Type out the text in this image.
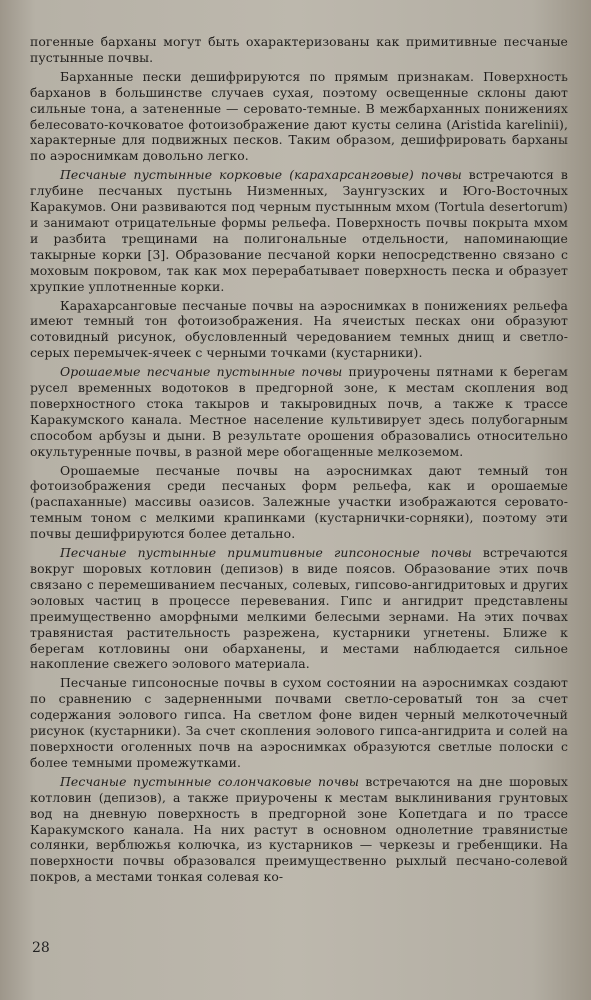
погенные барханы могут быть охарактеризованы как примитивные песчаные пустынные почвы.

Барханные пески дешифрируются по прямым признакам. Поверхность барханов в большинстве случаев сухая, поэтому освещенные склоны дают сильные тона, а затененные — серовато-темные. В межбарханных понижениях белесовато-кочковатое фотоизображение дают кусты селина (Aristida karelinii), характерные для подвижных песков. Таким образом, дешифрировать барханы по аэроснимкам довольно легко.

Песчаные пустынные корковые (карахарсанговые) почвы встречаются в глубине песчаных пустынь Низменных, Заунгузских и Юго-Восточных Каракумов. Они развиваются под черным пустынным мхом (Tortula desertorum) и занимают отрицательные формы рельефа. Поверхность почвы покрыта мхом и разбита трещинами на полигональные отдельности, напоминающие такырные корки [3]. Образование песчаной корки непосредственно связано с моховым покровом, так как мох перерабатывает поверхность песка и образует хрупкие уплотненные корки.

Карахарсанговые песчаные почвы на аэроснимках в понижениях рельефа имеют темный тон фотоизображения. На ячеистых песках они образуют сотовидный рисунок, обусловленный чередованием темных днищ и светло-серых перемычек-ячеек с черными точками (кустарники).

Орошаемые песчаные пустынные почвы приурочены пятнами к берегам русел временных водотоков в предгорной зоне, к местам скопления вод поверхностного стока такыров и такыровидных почв, а также к трассе Каракумского канала. Местное население культивирует здесь полубогарным способом арбузы и дыни. В результате орошения образовались относительно окультуренные почвы, в разной мере обогащенные мелкоземом.

Орошаемые песчаные почвы на аэроснимках дают темный тон фотоизображения среди песчаных форм рельефа, как и орошаемые (распаханные) массивы оазисов. Залежные участки изображаются серовато-темным тоном с мелкими крапинками (кустарнички-сорняки), поэтому эти почвы дешифрируются более детально.

Песчаные пустынные примитивные гипсоносные почвы встречаются вокруг шоровых котловин (депизов) в виде поясов. Образование этих почв связано с перемешиванием песчаных, солевых, гипсово-ангидритовых и других эоловых частиц в процессе перевевания. Гипс и ангидрит представлены преимущественно аморфными мелкими белесыми зернами. На этих почвах травянистая растительность разрежена, кустарники угнетены. Ближе к берегам котловины они обарханены, и местами наблюдается сильное накопление свежего эолового материала.

Песчаные гипсоносные почвы в сухом состоянии на аэроснимках создают по сравнению с задерненными почвами светло-сероватый тон за счет содержания эолового гипса. На светлом фоне виден черный мелкоточечный рисунок (кустарники). За счет скопления эолового гипса-ангидрита и солей на поверхности оголенных почв на аэроснимках образуются светлые полоски с более темными промежутками.

Песчаные пустынные солончаковые почвы встречаются на дне шоровых котловин (депизов), а также приурочены к местам выклинивания грунтовых вод на дневную поверхность в предгорной зоне Копетдага и по трассе Каракумского канала. На них растут в основном однолетние травянистые солянки, верблюжья колючка, из кустарников — черкезы и гребенщики. На поверхности почвы образовался преимущественно рыхлый песчано-солевой покров, а местами тонкая солевая ко-

28
